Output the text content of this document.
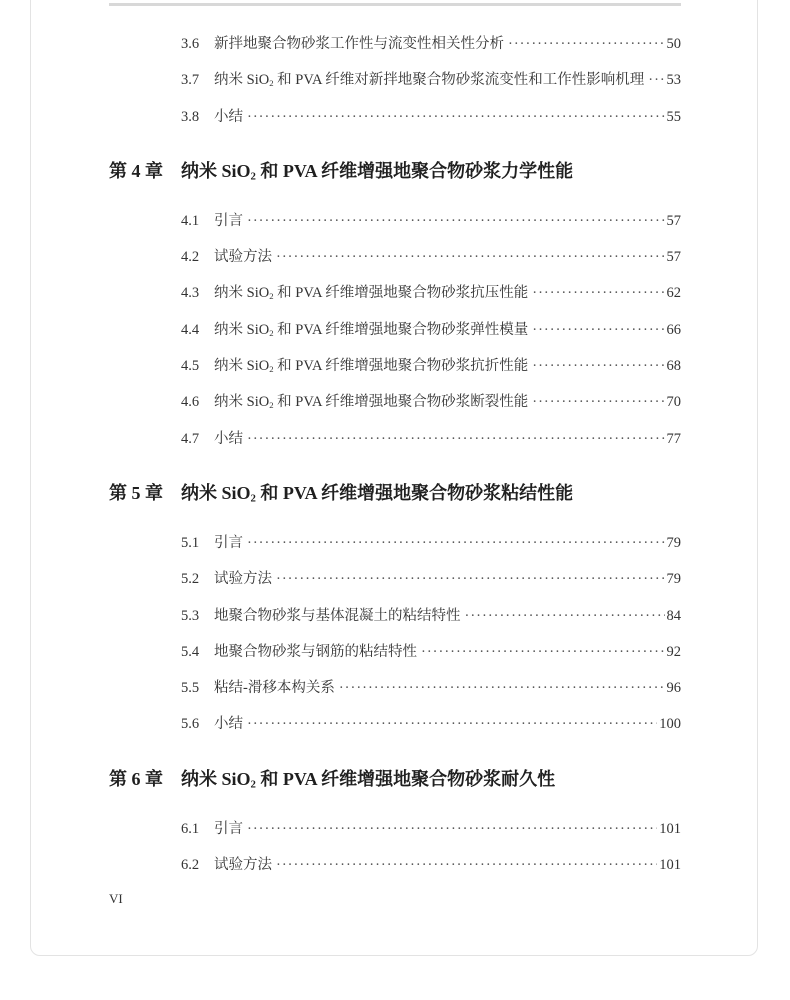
3.6	新拌地聚合物砂浆工作性与流变性相关性分析 ·····	50
3.7	纳米 SiO$_2$ 和 PVA 纤维对新拌地聚合物砂浆流变性和工作性影响机理 ····· 53
3.8	小结 ·····	55
第 4 章	纳米 SiO$_2$ 和 PVA 纤维增强地聚合物砂浆力学性能
4.1	引言 ·····	57
4.2	试验方法 ·····	57
4.3	纳米 SiO$_2$ 和 PVA 纤维增强地聚合物砂浆抗压性能 ·····	62
4.4	纳米 SiO$_2$ 和 PVA 纤维增强地聚合物砂浆弹性模量 ·····	66
4.5	纳米 SiO$_2$ 和 PVA 纤维增强地聚合物砂浆抗折性能 ·····	68
4.6	纳米 SiO$_2$ 和 PVA 纤维增强地聚合物砂浆断裂性能 ·····	70
4.7	小结 ·····	77
第 5 章	纳米 SiO$_2$ 和 PVA 纤维增强地聚合物砂浆粘结性能
5.1	引言 ·····	79
5.2	试验方法 ·····	79
5.3	地聚合物砂浆与基体混凝土的粘结特性 ·····	84
5.4	地聚合物砂浆与钢筋的粘结特性 ·····	92
5.5	粘结-滑移本构关系 ·····	96
5.6	小结 ·····	100
第 6 章	纳米 SiO$_2$ 和 PVA 纤维增强地聚合物砂浆耐久性
6.1	引言 ·····	101
6.2	试验方法 ·····	101
VI
